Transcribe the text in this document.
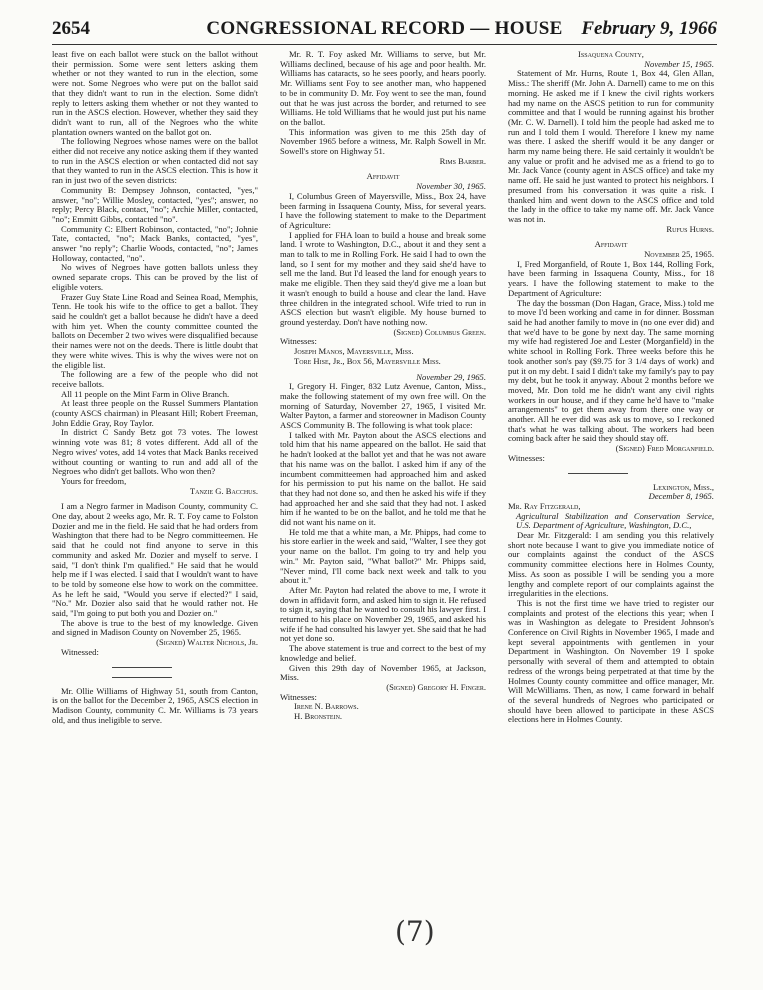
2654	CONGRESSIONAL RECORD — HOUSE February 9, 1966

least five on each ballot were stuck on the ballot without their permission. Some were sent letters asking them whether or not they wanted to run in the election, some were not. Some Negroes who were put on the ballot said that they didn't want to run in the election. Some didn't reply to letters asking them whether or not they wanted to run in the ASCS election. However, whether they said they didn't want to run, all of the Negroes who the white plantation owners wanted on the ballot got on.

The following Negroes whose names were on the ballot either did not receive any notice asking them if they wanted to run in the ASCS election or when contacted did not say that they wanted to run in the ASCS election. This is how it ran in just two of the seven districts:

Community B: Dempsey Johnson, contacted, "yes," answer, "no"; Willie Mosley, contacted, "yes"; answer, no reply; Percy Black, contact, "no"; Archie Miller, contacted, "no"; Emmitt Gibbs, contacted "no".

Community C: Elbert Robinson, contacted, "no"; Johnie Tate, contacted, "no"; Mack Banks, contacted, "yes", answer "no reply"; Charlie Woods, contacted, "no"; James Holloway, contacted, "no".

No wives of Negroes have gotten ballots unless they owned separate crops. This can be proved by the list of eligible voters.

Frazer Guy State Line Road and Seinea Road, Memphis, Tenn. He took his wife to the office to get a ballot. They said he couldn't get a ballot because he didn't have a deed with him yet. When the county committee counted the ballots on December 2 two wives were disqualified because their names were not on the deeds. There is little doubt that they were white wives. This is why the wives were not on the eligible list.

The following are a few of the people who did not receive ballots.

All 11 people on the Mint Farm in Olive Branch.

At least three people on the Russel Summers Plantation (county ASCS chairman) in Pleasant Hill; Robert Freeman, John Eddie Gray, Roy Taylor.

In district C Sandy Betz got 73 votes. The lowest winning vote was 81; 8 votes different. Add all of the Negro wives' votes, add 14 votes that Mack Banks received without counting or wanting to run and add all of the Negroes who didn't get ballots. Who won then?

Yours for freedom,

Tanzie G. Bacchus.

I am a Negro farmer in Madison County, community C. One day, about 2 weeks ago, Mr. R. T. Foy came to Folston Dozier and me in the field. He said that he had orders from Washington that there had to be Negro committeemen. He said that he could not find anyone to serve in this community and asked Mr. Dozier and myself to serve. I said, "I don't think I'm qualified." He said that he would help me if I was elected. I said that I wouldn't want to have to be told by someone else how to work on the committee. As he left he said, "Would you serve if elected?" I said, "No." Mr. Dozier also said that he would rather not. He said, "I'm going to put both you and Dozier on."

The above is true to the best of my knowledge. Given and signed in Madison County on November 25, 1965.

(Signed) Walter Nichols, Jr.

Witnessed:

Mr. Ollie Williams of Highway 51, south from Canton, is on the ballot for the December 2, 1965, ASCS election in Madison County, community C. Mr. Williams is 73 years old, and thus ineligible to serve.

Mr. R. T. Foy asked Mr. Williams to serve, but Mr. Williams declined, because of his age and poor health. Mr. Williams has cataracts, so he sees poorly, and hears poorly. Mr. Williams sent Foy to see another man, who happened to be in community D. Mr. Foy went to see the man, found out that he was just across the border, and returned to see Williams. He told Williams that he would just put his name on the ballot.

This information was given to me this 25th day of November 1965 before a witness, Mr. Ralph Sowell in Mr. Sowell's store on Highway 51.

Rims Barber.

Affidavit

November 30, 1965.

I, Columbus Green of Mayersville, Miss., Box 24, have been farming in Issaquena County, Miss, for several years. I have the following statement to make to the Department of Agriculture:

I applied for FHA loan to build a house and break some land. I wrote to Washington, D.C., about it and they sent a man to talk to me in Rolling Fork. He said I had to own the land, so I sent for my mother and they said she'd have to sell me the land. But I'd leased the land for enough years to make me eligible. Then they said they'd give me a loan but it wasn't enough to build a house and clear the land. Have three children in the integrated school. Wife tried to run in ASCS election but wasn't eligible. My house burned to ground yesterday. Don't have nothing now.

(Signed) Columbus Green.

Witnesses:

Joseph Manos, Mayersville, Miss.

Tore Hise, Jr., Box 56, Mayersville Miss.

November 29, 1965.

I, Gregory H. Finger, 832 Lutz Avenue, Canton, Miss., make the following statement of my own free will. On the morning of Saturday, November 27, 1965, I visited Mr. Walter Payton, a farmer and storeowner in Madison County ASCS Community B. The following is what took place:

I talked with Mr. Payton about the ASCS elections and told him that his name appeared on the ballot. He said that he hadn't looked at the ballot yet and that he was not aware that his name was on the ballot. I asked him if any of the incumbent committeemen had approached him and asked for his permission to put his name on the ballot. He said that they had not done so, and then he asked his wife if they had approached her and she said that they had not. I asked him if he wanted to be on the ballot, and he told me that he did not want his name on it.

He told me that a white man, a Mr. Phipps, had come to his store earlier in the week and said, "Walter, I see they got your name on the ballot. I'm going to try and help you win." Mr. Payton said, "What ballot?" Mr. Phipps said, "Never mind, I'll come back next week and talk to you about it."

After Mr. Payton had related the above to me, I wrote it down in affidavit form, and asked him to sign it. He refused to sign it, saying that he wanted to consult his lawyer first. I returned to his place on November 29, 1965, and asked his wife if he had consulted his lawyer yet. She said that he had not yet done so.

The above statement is true and correct to the best of my knowledge and belief.

Given this 29th day of November 1965, at Jackson, Miss.

(Signed) Gregory H. Finger.

Witnesses:

Irene N. Barrows.

H. Bronstein.

Issaquena County,

November 15, 1965.

Statement of Mr. Hurns, Route 1, Box 44, Glen Allan, Miss.: The sheriff (Mr. John A. Darnell) came to me on this morning. He asked me if I knew the civil rights workers had my name on the ASCS petition to run for community committee and that I would be running against his brother (Mr. C. W. Darnell). I told him the people had asked me to run and I told them I would. Therefore I knew my name was there. I asked the sheriff would it be any danger or harm my name being there. He said certainly it wouldn't be any value or profit and he advised me as a friend to go to Mr. Jack Vance (county agent in ASCS office) and take my name off. He said he just wanted to protect his neighbors. I presumed from his conversation it was quite a risk. I thanked him and went down to the ASCS office and told the lady in the office to take my name off. Mr. Jack Vance was not in.

Rufus Hurns.

Affidavit

November 25, 1965.

I, Fred Morganfield, of Route 1, Box 144, Rolling Fork, have been farming in Issaquena County, Miss., for 18 years. I have the following statement to make to the Department of Agriculture:

The day the bossman (Don Hagan, Grace, Miss.) told me to move I'd been working and came in for dinner. Bossman said he had another family to move in (no one ever did) and that we'd have to be gone by next day. The same morning my wife had registered Joe and Lester (Morganfield) in the white school in Rolling Fork. Three weeks before this he took another son's pay ($9.75 for 3 1/4 days of work) and put it on my debt. I said I didn't take my family's pay to pay my debt, but he took it anyway. About 2 months before we moved, Mr. Don told me he didn't want any civil rights workers in our house, and if they came he'd have to "make arrangements" to get them away from there one way or another. All he ever did was ask us to move, so I reckoned that's what he was talking about. The workers had been coming back after he said they should stay off.

(Signed) Fred Morganfield.

Witnesses:

Lexington, Miss.,

December 8, 1965.

Mr. Ray Fitzgerald,

Agricultural Stabilization and Conservation Service, U.S. Department of Agriculture, Washington, D.C.,

Dear Mr. Fitzgerald: I am sending you this relatively short note because I want to give you immediate notice of our complaints against the conduct of the ASCS community committee elections here in Holmes County, Miss. As soon as possible I will be sending you a more lengthy and complete report of our complaints against the irregularities in the elections.

This is not the first time we have tried to register our complaints and protest of the elections this year; when I was in Washington as delegate to President Johnson's Conference on Civil Rights in November 1965, I made and kept several appointments with gentlemen in your Department in Washington. On November 19 I spoke personally with several of them and attempted to obtain redress of the wrongs being perpetrated at that time by the Holmes County county committee and office manager, Mr. Will McWilliams. Then, as now, I came forward in behalf of the several hundreds of Negroes who participated or should have been allowed to participate in these ASCS elections here in Holmes County.

(7)
